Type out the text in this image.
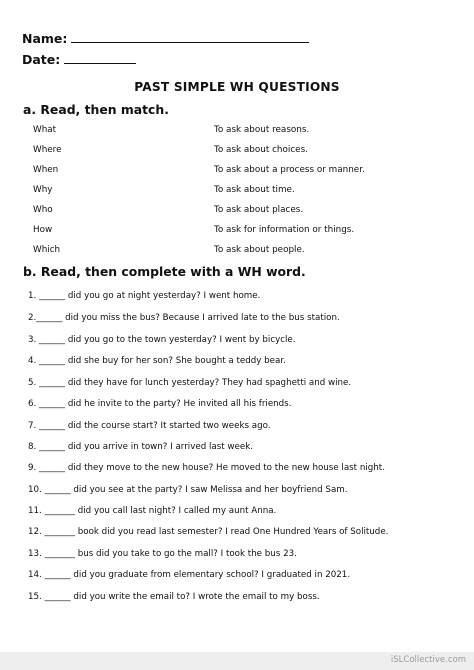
Name:
Date:
PAST SIMPLE WH QUESTIONS
a. Read, then match.
What	To ask about reasons.
Where	To ask about choices.
When	To ask about a process or manner.
Why	To ask about time.
Who	To ask about places.
How	To ask for information or things.
Which	To ask about people.
b. Read, then complete with a WH word.
1. ______ did you go at night yesterday? I went home.
2.______ did you miss the bus? Because I arrived late to the bus station.
3. ______ did you go to the town yesterday? I went by bicycle.
4. ______ did she buy for her son? She bought a teddy bear.
5. ______ did they have for lunch yesterday? They had spaghetti and wine.
6. ______ did he invite to the party? He invited all his friends.
7. ______ did the course start? It started two weeks ago.
8. ______ did you arrive in town? I arrived last week.
9. ______ did they move to the new house? He moved to the new house last night.
10. ______ did you see at the party? I saw Melissa and her boyfriend Sam.
11. _______ did you call last night? I called my aunt Anna.
12. _______ book did you read last semester? I read One Hundred Years of Solitude.
13. _______ bus did you take to go the mall? I took the bus 23.
14. ______ did you graduate from elementary school? I graduated in 2021.
15. ______ did you write the email to? I wrote the email to my boss.
iSLCollective.com
